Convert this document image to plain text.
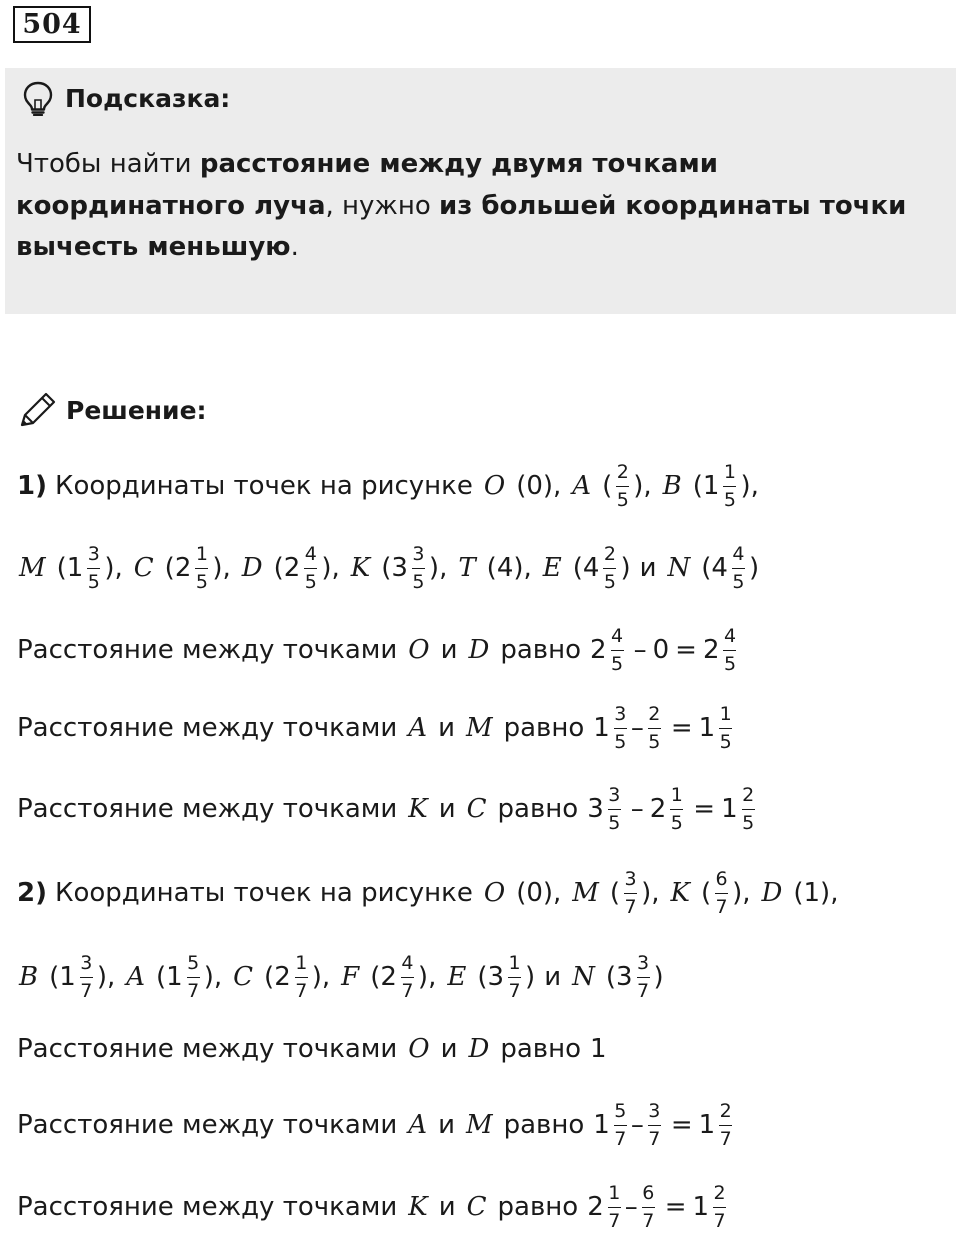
504
Подсказка:
Чтобы найти расстояние между двумя точками координатного луча, нужно из большей координаты точки вычесть меньшую.
Решение:
1) Координаты точек на рисунке O (0), A ( $\frac{2}{5}$ ) , B ( $1 \frac{1}{5}$ ) ,
M ( $1 \frac{3}{5}$ ) , C ( $2 \frac{1}{5}$ ) , D ( $2 \frac{4}{5}$ ) , K ( $3 \frac{3}{5}$ ) , T (4), E ( $4 \frac{2}{5}$ ) и N ( $4 \frac{4}{5}$ )
Расстояние между точками O и D равно $2 \frac{4}{5} - 0 = 2 \frac{4}{5}$
Расстояние между точками A и M равно $1 \frac{3}{5} - \frac{2}{5} = 1 \frac{1}{5}$
Расстояние между точками K и C равно $3 \frac{3}{5} - 2 \frac{1}{5} = 1 \frac{2}{5}$
2) Координаты точек на рисунке O (0), M ( $\frac{3}{7}$ ) , K ( $\frac{6}{7}$ ) , D (1),
B ( $1 \frac{3}{7}$ ) , A ( $1 \frac{5}{7}$ ) , C ( $2 \frac{1}{7}$ ) , F ( $2 \frac{4}{7}$ ) , E ( $3 \frac{1}{7}$ ) и N ( $3 \frac{3}{7}$ )
Расстояние между точками O и D равно 1
Расстояние между точками A и M равно $1 \frac{5}{7} - \frac{3}{7} = 1 \frac{2}{7}$
Расстояние между точками K и C равно $2 \frac{1}{7} - \frac{6}{7} = 1 \frac{2}{7}$
